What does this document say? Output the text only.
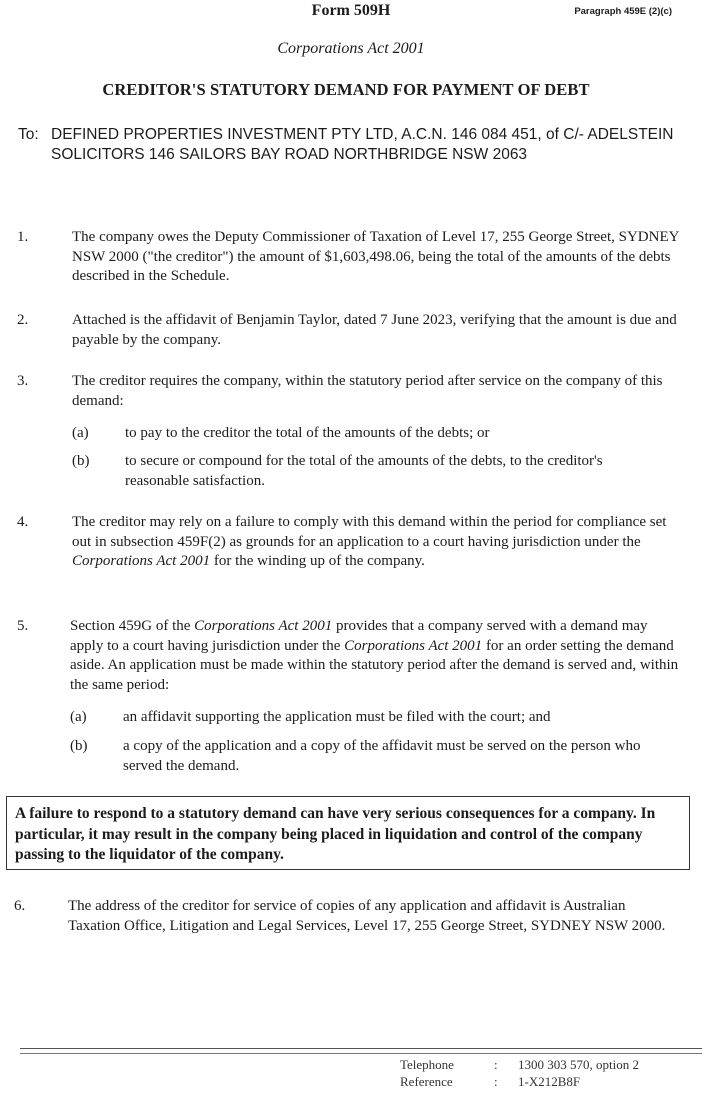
Form 509H	Paragraph 459E (2)(c)
Corporations Act 2001
CREDITOR'S STATUTORY DEMAND FOR PAYMENT OF DEBT
To: DEFINED PROPERTIES INVESTMENT PTY LTD, A.C.N. 146 084 451, of C/- ADELSTEIN SOLICITORS 146 SAILORS BAY ROAD NORTHBRIDGE NSW 2063
1.	The company owes the Deputy Commissioner of Taxation of Level 17, 255 George Street, SYDNEY NSW 2000 ("the creditor") the amount of $1,603,498.06, being the total of the amounts of the debts described in the Schedule.
2.	Attached is the affidavit of Benjamin Taylor, dated 7 June 2023, verifying that the amount is due and payable by the company.
3.	The creditor requires the company, within the statutory period after service on the company of this demand:
(a) to pay to the creditor the total of the amounts of the debts; or
(b) to secure or compound for the total of the amounts of the debts, to the creditor's reasonable satisfaction.
4.	The creditor may rely on a failure to comply with this demand within the period for compliance set out in subsection 459F(2) as grounds for an application to a court having jurisdiction under the Corporations Act 2001 for the winding up of the company.
5.	Section 459G of the Corporations Act 2001 provides that a company served with a demand may apply to a court having jurisdiction under the Corporations Act 2001 for an order setting the demand aside. An application must be made within the statutory period after the demand is served and, within the same period:
(a) an affidavit supporting the application must be filed with the court; and
(b) a copy of the application and a copy of the affidavit must be served on the person who served the demand.
A failure to respond to a statutory demand can have very serious consequences for a company. In particular, it may result in the company being placed in liquidation and control of the company passing to the liquidator of the company.
6.	The address of the creditor for service of copies of any application and affidavit is Australian Taxation Office, Litigation and Legal Services, Level 17, 255 George Street, SYDNEY NSW 2000.
Telephone	: 1300 303 570, option 2
Reference	: 1-X212B8F
